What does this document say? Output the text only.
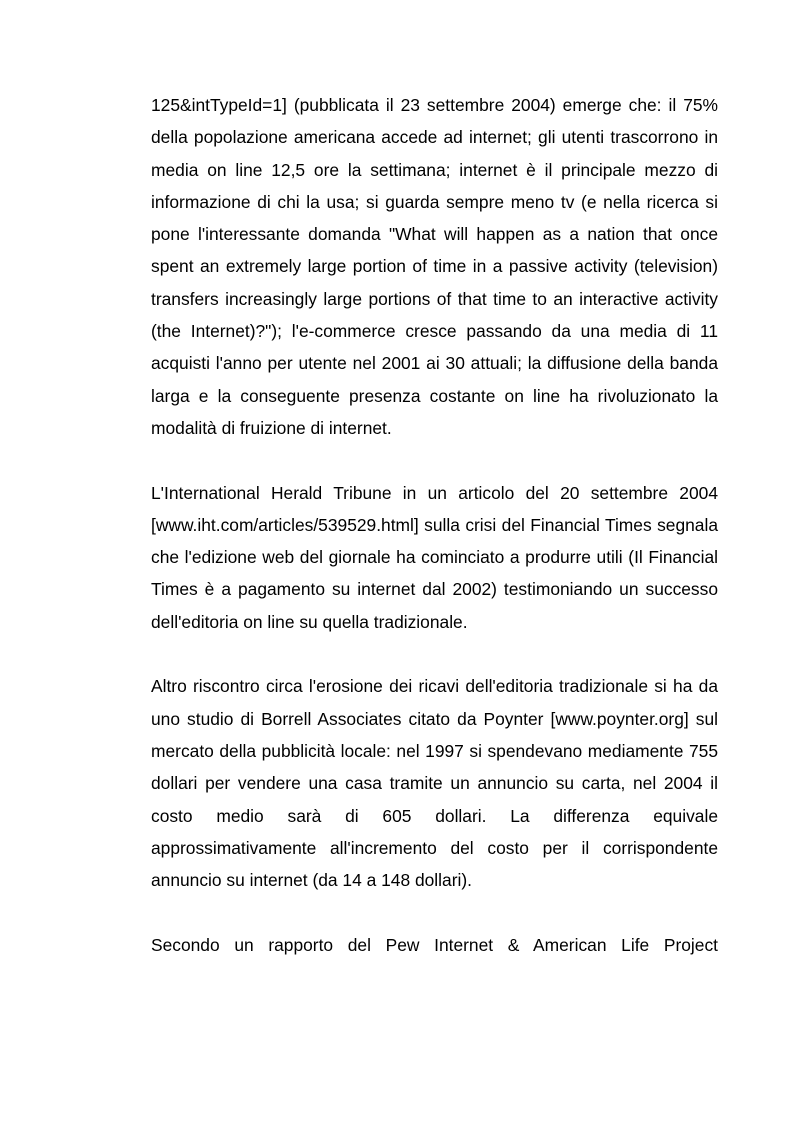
125&intTypeId=1] (pubblicata il 23 settembre 2004) emerge che: il 75% della popolazione americana accede ad internet; gli utenti trascorrono in media on line 12,5 ore la settimana; internet è il principale mezzo di informazione di chi la usa; si guarda sempre meno tv (e nella ricerca si pone l'interessante domanda "What will happen as a nation that once spent an extremely large portion of time in a passive activity (television) transfers increasingly large portions of that time to an interactive activity (the Internet)?"); l'e-commerce cresce passando da una media di 11 acquisti l'anno per utente nel 2001 ai 30 attuali; la diffusione della banda larga e la conseguente presenza costante on line ha rivoluzionato la modalità di fruizione di internet.

L'International Herald Tribune in un articolo del 20 settembre 2004 [www.iht.com/articles/539529.html] sulla crisi del Financial Times segnala che l'edizione web del giornale ha cominciato a produrre utili (Il Financial Times è a pagamento su internet dal 2002) testimoniando un successo dell'editoria on line su quella tradizionale.

Altro riscontro circa l'erosione dei ricavi dell'editoria tradizionale si ha da uno studio di Borrell Associates citato da Poynter [www.poynter.org] sul mercato della pubblicità locale: nel 1997 si spendevano mediamente 755 dollari per vendere una casa tramite un annuncio su carta, nel 2004 il costo medio sarà di 605 dollari. La differenza equivale approssimativamente all'incremento del costo per il corrispondente annuncio su internet (da 14 a 148 dollari).

Secondo un rapporto del Pew Internet & American Life Project
